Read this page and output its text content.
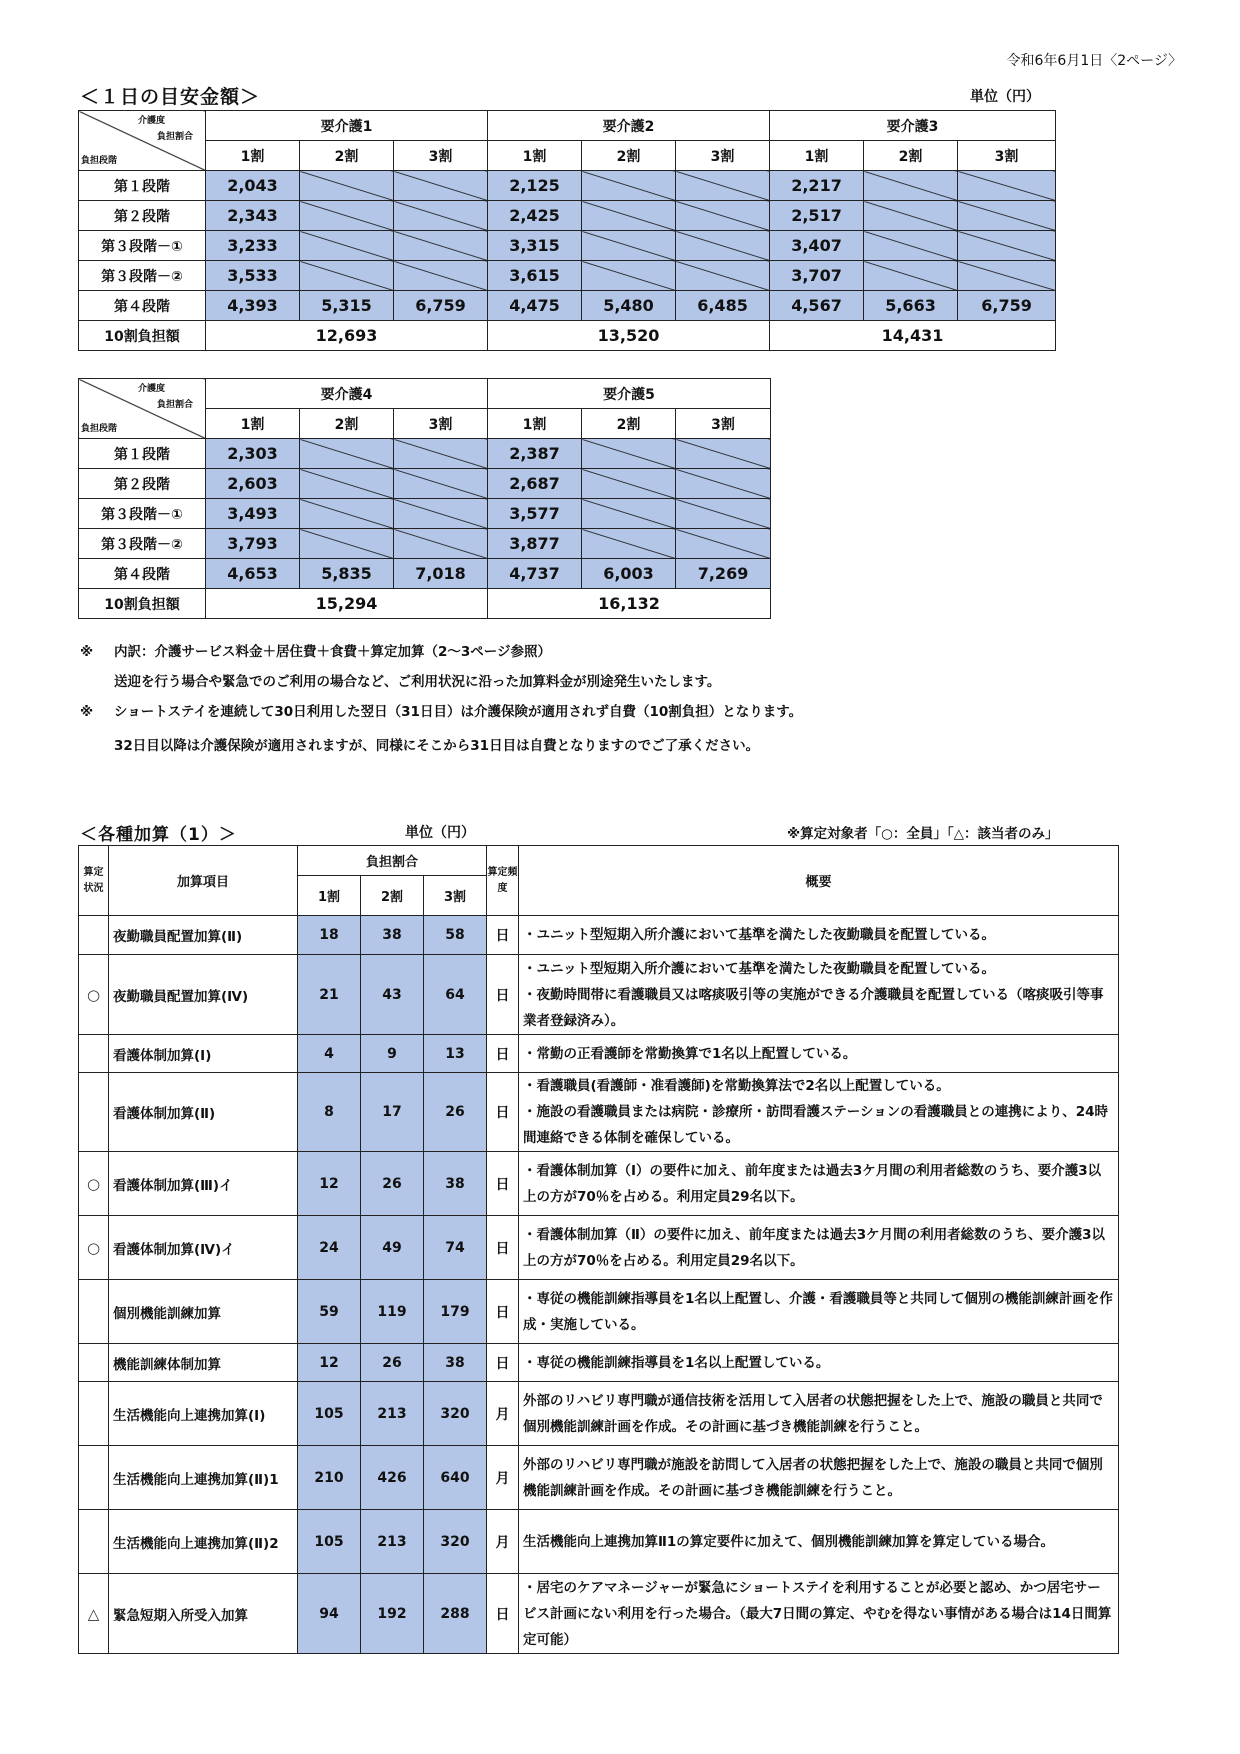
令和6年6月1日〈2ページ〉
＜１日の目安金額＞	単位（円）
介護度
負担割合
負担段階	要介護1			要介護2			要介護3		
	1割	2割	3割	1割	2割	3割	1割	2割	3割
第１段階	2,043			2,125			2,217		
第２段階	2,343			2,425			2,517		
第３段階－①	3,233			3,315			3,407		
第３段階－②	3,533			3,615			3,707		
第４段階	4,393	5,315	6,759	4,475	5,480	6,485	4,567	5,663	6,759
10割負担額	12,693			13,520			14,431		
介護度
負担割合
負担段階	要介護4			要介護5		
	1割	2割	3割	1割	2割	3割
第１段階	2,303			2,387		
第２段階	2,603			2,687		
第３段階－①	3,493			3,577		
第３段階－②	3,793			3,877		
第４段階	4,653	5,835	7,018	4,737	6,003	7,269
10割負担額	15,294			16,132		
※ 内訳：介護サービス料金＋居住費＋食費＋算定加算（2～3ページ参照）
送迎を行う場合や緊急でのご利用の場合など、ご利用状況に沿った加算料金が別途発生いたします。
※ ショートステイを連続して30日利用した翌日（31日目）は介護保険が適用されず自費（10割負担）となります。
32日目以降は介護保険が適用されますが、同様にそこから31日目は自費となりますのでご了承ください。
＜各種加算（1）＞	単位（円）	※算定対象者「○：全員」「△：該当者のみ」
算定状況	加算項目	負担割合			算定頻度	概要
		1割	2割	3割		
	夜勤職員配置加算(Ⅱ)	18	38	58	日	・ユニット型短期入所介護において基準を満たした夜勤職員を配置している。
○	夜勤職員配置加算(Ⅳ)	21	43	64	日	・ユニット型短期入所介護において基準を満たした夜勤職員を配置している。
・夜勤時間帯に看護職員又は喀痰吸引等の実施ができる介護職員を配置している（喀痰吸引等事業者登録済み）。
	看護体制加算(Ⅰ)	4	9	13	日	・常勤の正看護師を常勤換算で1名以上配置している。
	看護体制加算(Ⅱ)	8	17	26	日	・看護職員(看護師・准看護師)を常勤換算法で2名以上配置している。
・施設の看護職員または病院・診療所・訪問看護ステーションの看護職員との連携により、24時間連絡できる体制を確保している。
○	看護体制加算(Ⅲ)イ	12	26	38	日	・看護体制加算（Ⅰ）の要件に加え、前年度または過去3ケ月間の利用者総数のうち、要介護3以上の方が70％を占める。利用定員29名以下。
○	看護体制加算(Ⅳ)イ	24	49	74	日	・看護体制加算（Ⅱ）の要件に加え、前年度または過去3ケ月間の利用者総数のうち、要介護3以上の方が70％を占める。利用定員29名以下。
	個別機能訓練加算	59	119	179	日	・専従の機能訓練指導員を1名以上配置し、介護・看護職員等と共同して個別の機能訓練計画を作成・実施している。
	機能訓練体制加算	12	26	38	日	・専従の機能訓練指導員を1名以上配置している。
	生活機能向上連携加算(Ⅰ)	105	213	320	月	外部のリハビリ専門職が通信技術を活用して入居者の状態把握をした上で、施設の職員と共同で個別機能訓練計画を作成。その計画に基づき機能訓練を行うこと。
	生活機能向上連携加算(Ⅱ)1	210	426	640	月	外部のリハビリ専門職が施設を訪問して入居者の状態把握をした上で、施設の職員と共同で個別機能訓練計画を作成。その計画に基づき機能訓練を行うこと。
	生活機能向上連携加算(Ⅱ)2	105	213	320	月	生活機能向上連携加算Ⅱ1の算定要件に加えて、個別機能訓練加算を算定している場合。
△	緊急短期入所受入加算	94	192	288	日	・居宅のケアマネージャーが緊急にショートステイを利用することが必要と認め、かつ居宅サービス計画にない利用を行った場合。（最大7日間の算定、やむを得ない事情がある場合は14日間算定可能）
